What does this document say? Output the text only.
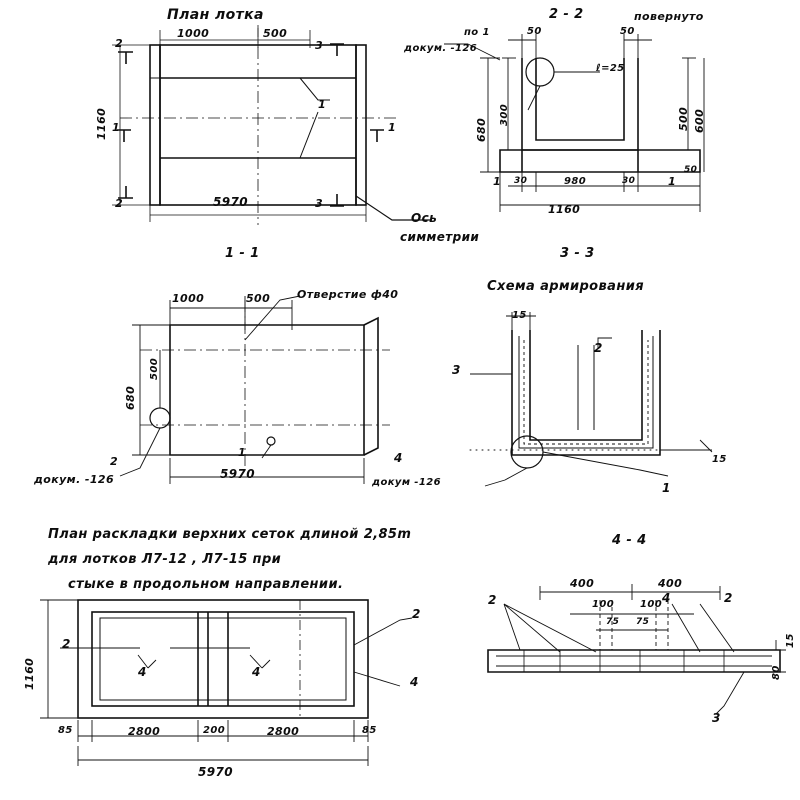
План лотка
2
1000	500
3
1160 1	1
1
2	5970	3
Ось
симметрии
2 - 2	повернуто
по 1
докум. -126
50	50
680
300	600
500
ℓ=25
30	980	30
50
1160
1	1
1 - 1
1000	500 Отверстие ф40
680
500
5970
1
2
докум. -126
3 - 3
Схема армирования
15
15
3
2
4
1
докум -126
План раскладки верхних сеток длиной 2,85m
для лотков Л7-12 , Л7-15 при
стыке в продольном направлении.
1160
2
2
4	4
4
85	2800	200	2800	85
5970
4 - 4
400	400
100	100
75 75
2	4	2
3
15
80
